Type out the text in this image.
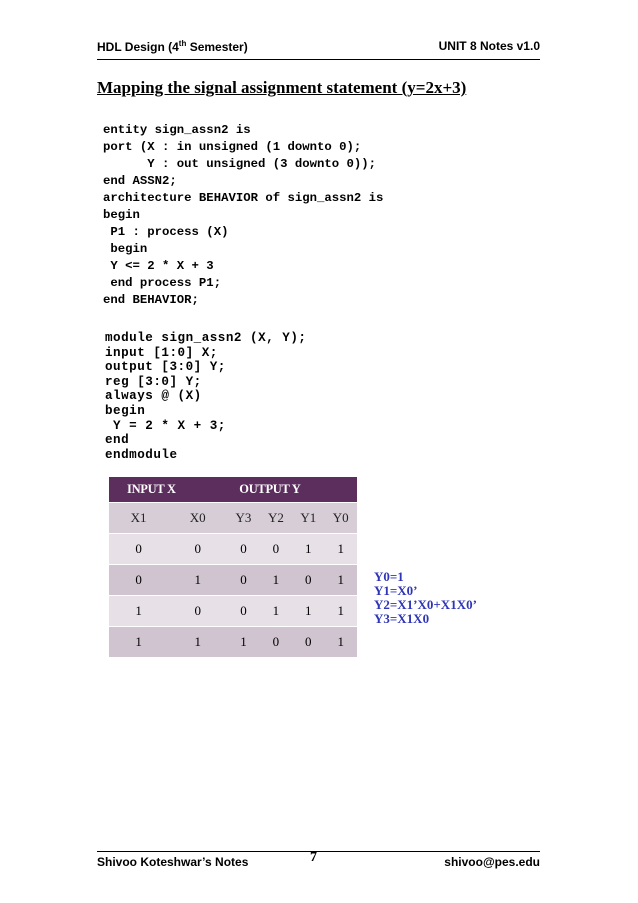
HDL Design (4th Semester)	UNIT 8 Notes v1.0
Mapping the signal assignment statement (y=2x+3)
entity sign_assn2 is
port (X : in unsigned (1 downto 0);
Y : out unsigned (3 downto 0));
end ASSN2;
architecture BEHAVIOR of sign_assn2 is
begin
P1 : process (X)
begin
Y <= 2 * X + 3
end process P1;
end BEHAVIOR;
module sign_assn2 (X, Y);
input [1:0] X;
output [3:0] Y;
reg [3:0] Y;
always @ (X)
begin
Y = 2 * X + 3;
end
endmodule
INPUT X		OUTPUT Y			
X1	X0	Y3	Y2	Y1	Y0
0	0	0	0	1	1
0	1	0	1	0	1
1	0	0	1	1	1
1	1	1	0	0	1
Y0=1
Y1=X0’
Y2=X1’X0+X1X0’
Y3=X1X0
Shivoo Koteshwar’s Notes	7	shivoo@pes.edu
